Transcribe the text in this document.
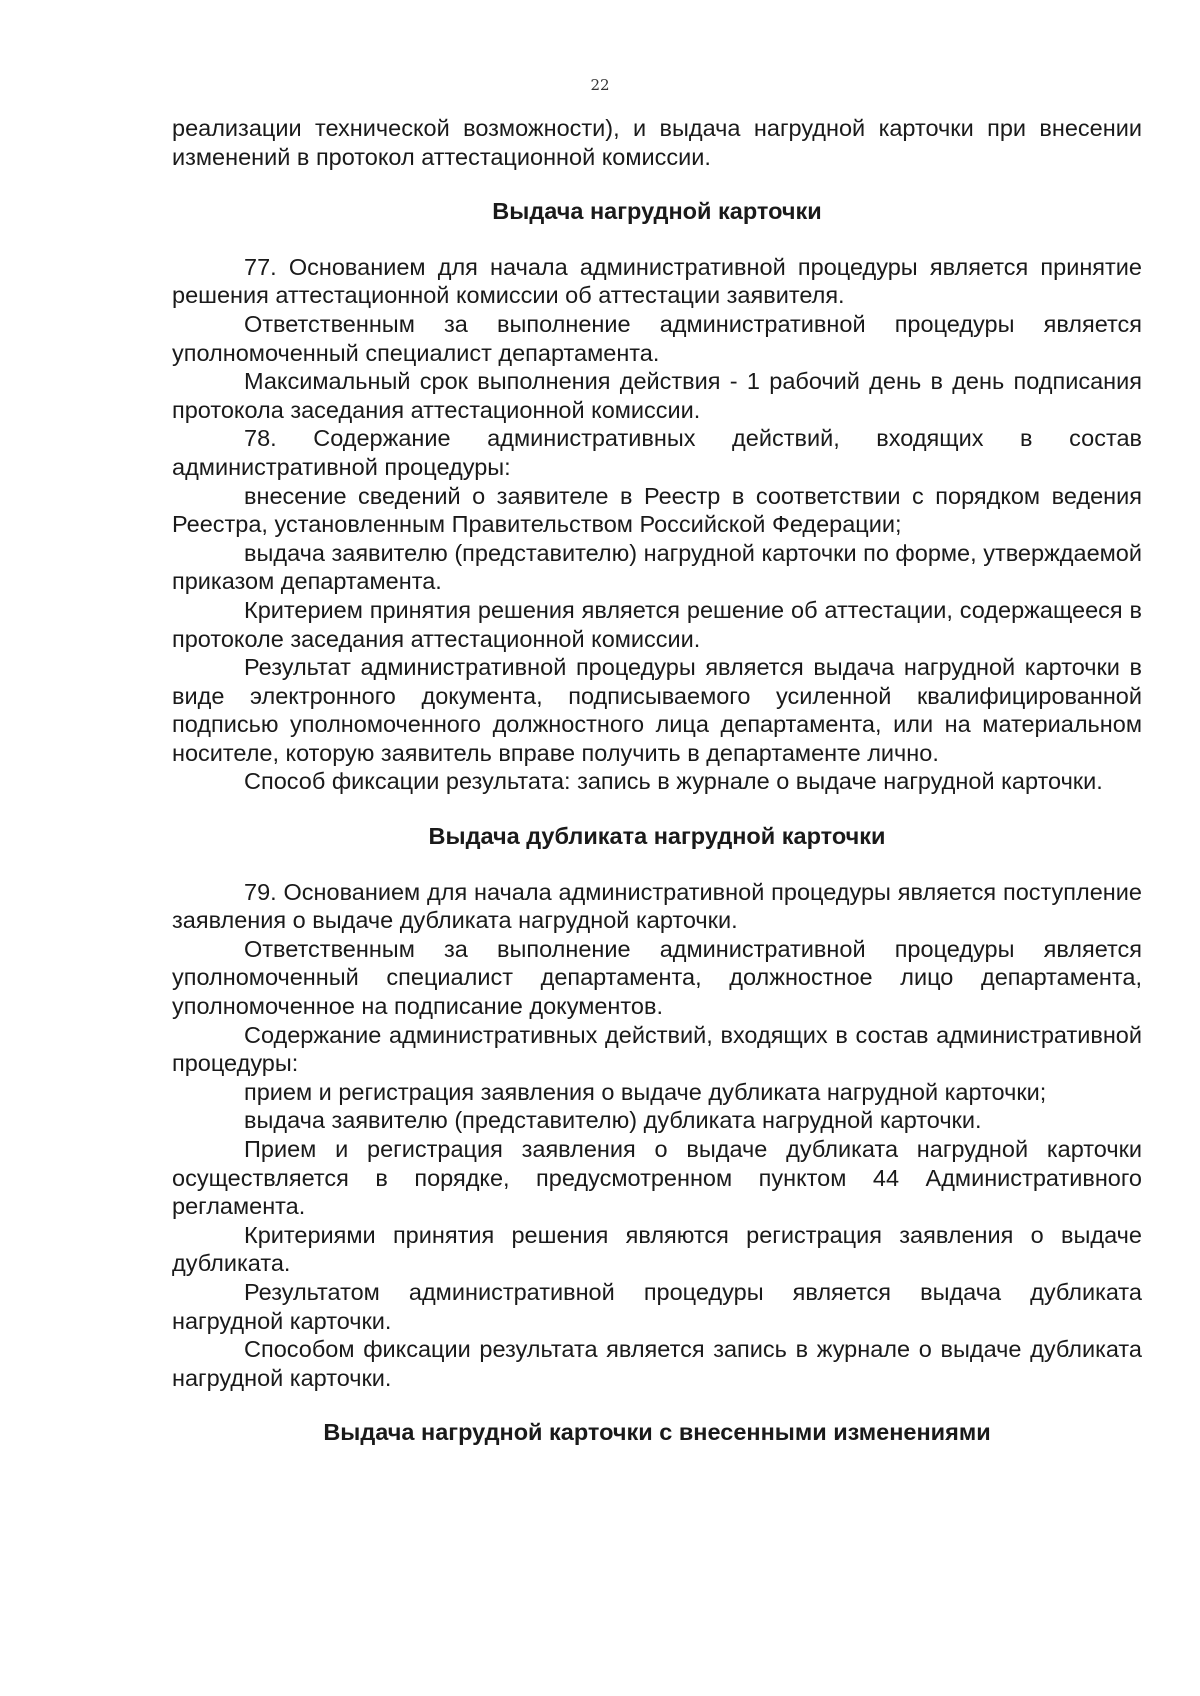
22

реализации технической возможности), и выдача нагрудной карточки при внесении изменений в протокол аттестационной комиссии.

Выдача нагрудной карточки

77. Основанием для начала административной процедуры является принятие решения аттестационной комиссии об аттестации заявителя.

Ответственным за выполнение административной процедуры является уполномоченный специалист департамента.

Максимальный срок выполнения действия - 1 рабочий день в день подписания протокола заседания аттестационной комиссии.

78. Содержание административных действий, входящих в состав административной процедуры:

внесение сведений о заявителе в Реестр в соответствии с порядком ведения Реестра, установленным Правительством Российской Федерации;

выдача заявителю (представителю) нагрудной карточки по форме, утверждаемой приказом департамента.

Критерием принятия решения является решение об аттестации, содержащееся в протоколе заседания аттестационной комиссии.

Результат административной процедуры является выдача нагрудной карточки в виде электронного документа, подписываемого усиленной квалифицированной подписью уполномоченного должностного лица департамента, или на материальном носителе, которую заявитель вправе получить в департаменте лично.

Способ фиксации результата: запись в журнале о выдаче нагрудной карточки.

Выдача дубликата нагрудной карточки

79. Основанием для начала административной процедуры является поступление заявления о выдаче дубликата нагрудной карточки.

Ответственным за выполнение административной процедуры является уполномоченный специалист департамента, должностное лицо департамента, уполномоченное на подписание документов.

Содержание административных действий, входящих в состав административной процедуры:

прием и регистрация заявления о выдаче дубликата нагрудной карточки;

выдача заявителю (представителю) дубликата нагрудной карточки.

Прием и регистрация заявления о выдаче дубликата нагрудной карточки осуществляется в порядке, предусмотренном пунктом 44 Административного регламента.

Критериями принятия решения являются регистрация заявления о выдаче дубликата.

Результатом административной процедуры является выдача дубликата нагрудной карточки.

Способом фиксации результата является запись в журнале о выдаче дубликата нагрудной карточки.

Выдача нагрудной карточки с внесенными изменениями
